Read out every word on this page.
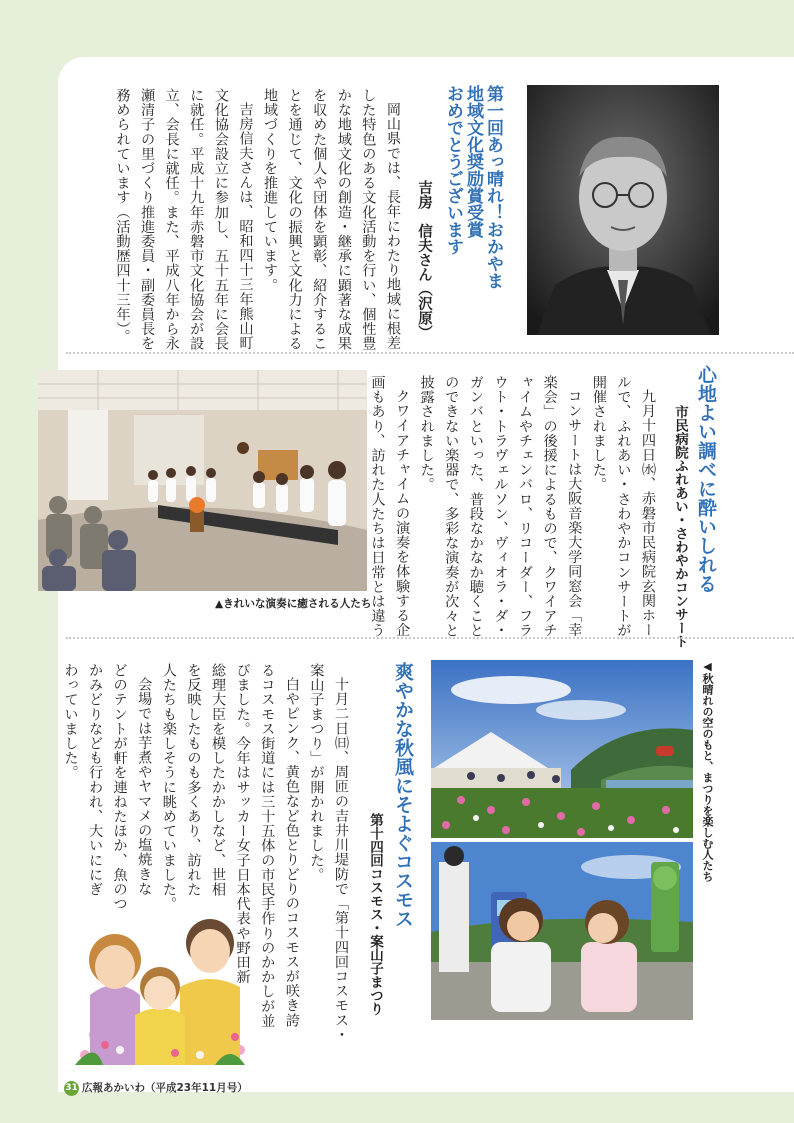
第一回あっ晴れ！おかやま
地域文化奨励賞受賞
おめでとうございます
吉房　信夫さん（沢原）
岡山県では、長年にわたり地域に根差
した特色のある文化活動を行い、個性豊
かな地域文化の創造・継承に顕著な成果
を収めた個人や団体を顕彰、紹介するこ
とを通じて、文化の振興と文化力による
地域づくりを推進しています。
吉房信夫さんは、昭和四十三年熊山町
文化協会設立に参加し、五十五年に会長
に就任。平成十九年赤磐市文化協会が設
立、会長に就任。また、平成八年から永
瀬清子の里づくり推進委員・副委員長を
務められています（活動歴四十三年）。
心地よい調べに酔いしれる
市民病院ふれあい・さわやかコンサート
九月十四日㈬、赤磐市民病院玄関ホー
ルで、ふれあい・さわやかコンサートが
開催されました。
コンサートは大阪音楽大学同窓会「幸
楽会」の後援によるもので、クワイアチ
ャイムやチェンバロ、リコーダー、フラ
ウト・トラヴェルソン、ヴィオラ・ダ・
ガンバといった、普段なかなか聴くこと
のできない楽器で、多彩な演奏が次々と
披露されました。
クワイアチャイムの演奏を体験する企
画もあり、訪れた人たちは日常とは違う
▲きれいな演奏に癒される人たち
◀秋晴れの空のもと、まつりを楽しむ人たち
爽やかな秋風にそよぐコスモス
第十四回コスモス・案山子まつり
十月二日㈰、周匝の吉井川堤防で「第十四回コスモス・
案山子まつり」が開かれました。
白やピンク、黄色など色とりどりのコスモスが咲き誇
るコスモス街道には三十五体の市民手作りのかかしが並
びました。今年はサッカー女子日本代表や野田新
総理大臣を模したかかしなど、世相
を反映したものも多くあり、訪れた
人たちも楽しそうに眺めていました。
会場では芋煮やヤマメの塩焼きな
どのテントが軒を連ねたほか、魚のつ
かみどりなども行われ、大いににぎ
わっていました。
31 広報あかいわ（平成23年11月号）
